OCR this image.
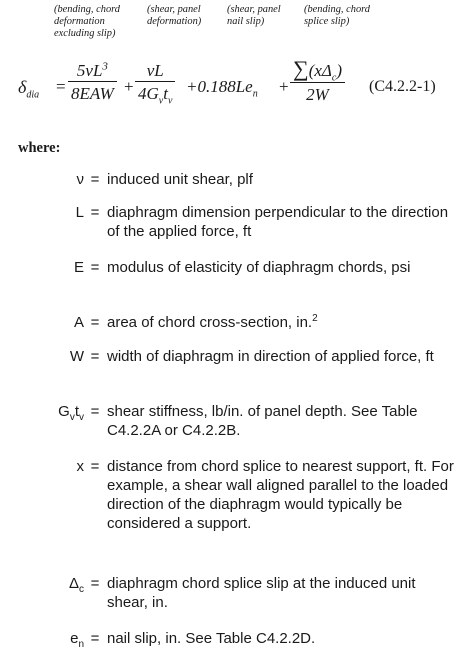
(bending, chord
deformation
excluding slip)
(shear, panel
deformation)
(shear, panel
nail slip)
(bending, chord
splice slip)
$\delta_{dia}$ =
$5vL^3$
8EAW +
vL
$4G_vt_v$
$+0.188Le_n$ +
$\sum(x\Delta_c)$
2W	(C4.2.2-1)
where:
ν = induced unit shear, plf
L = diaphragm dimension perpendicular to the direction of the applied force, ft
E = modulus of elasticity of diaphragm chords, psi
A = area of chord cross-section, in.$^2$
W = width of diaphragm in direction of applied force, ft
$G_vt_v$ = shear stiffness, lb/in. of panel depth. See Table C4.2.2A or C4.2.2B.
x = distance from chord splice to nearest support, ft. For example, a shear wall aligned parallel to the loaded direction of the diaphragm would typically be considered a support.
$\Delta_c$ = diaphragm chord splice slip at the induced unit shear, in.
$e_n$ = nail slip, in. See Table C4.2.2D.
